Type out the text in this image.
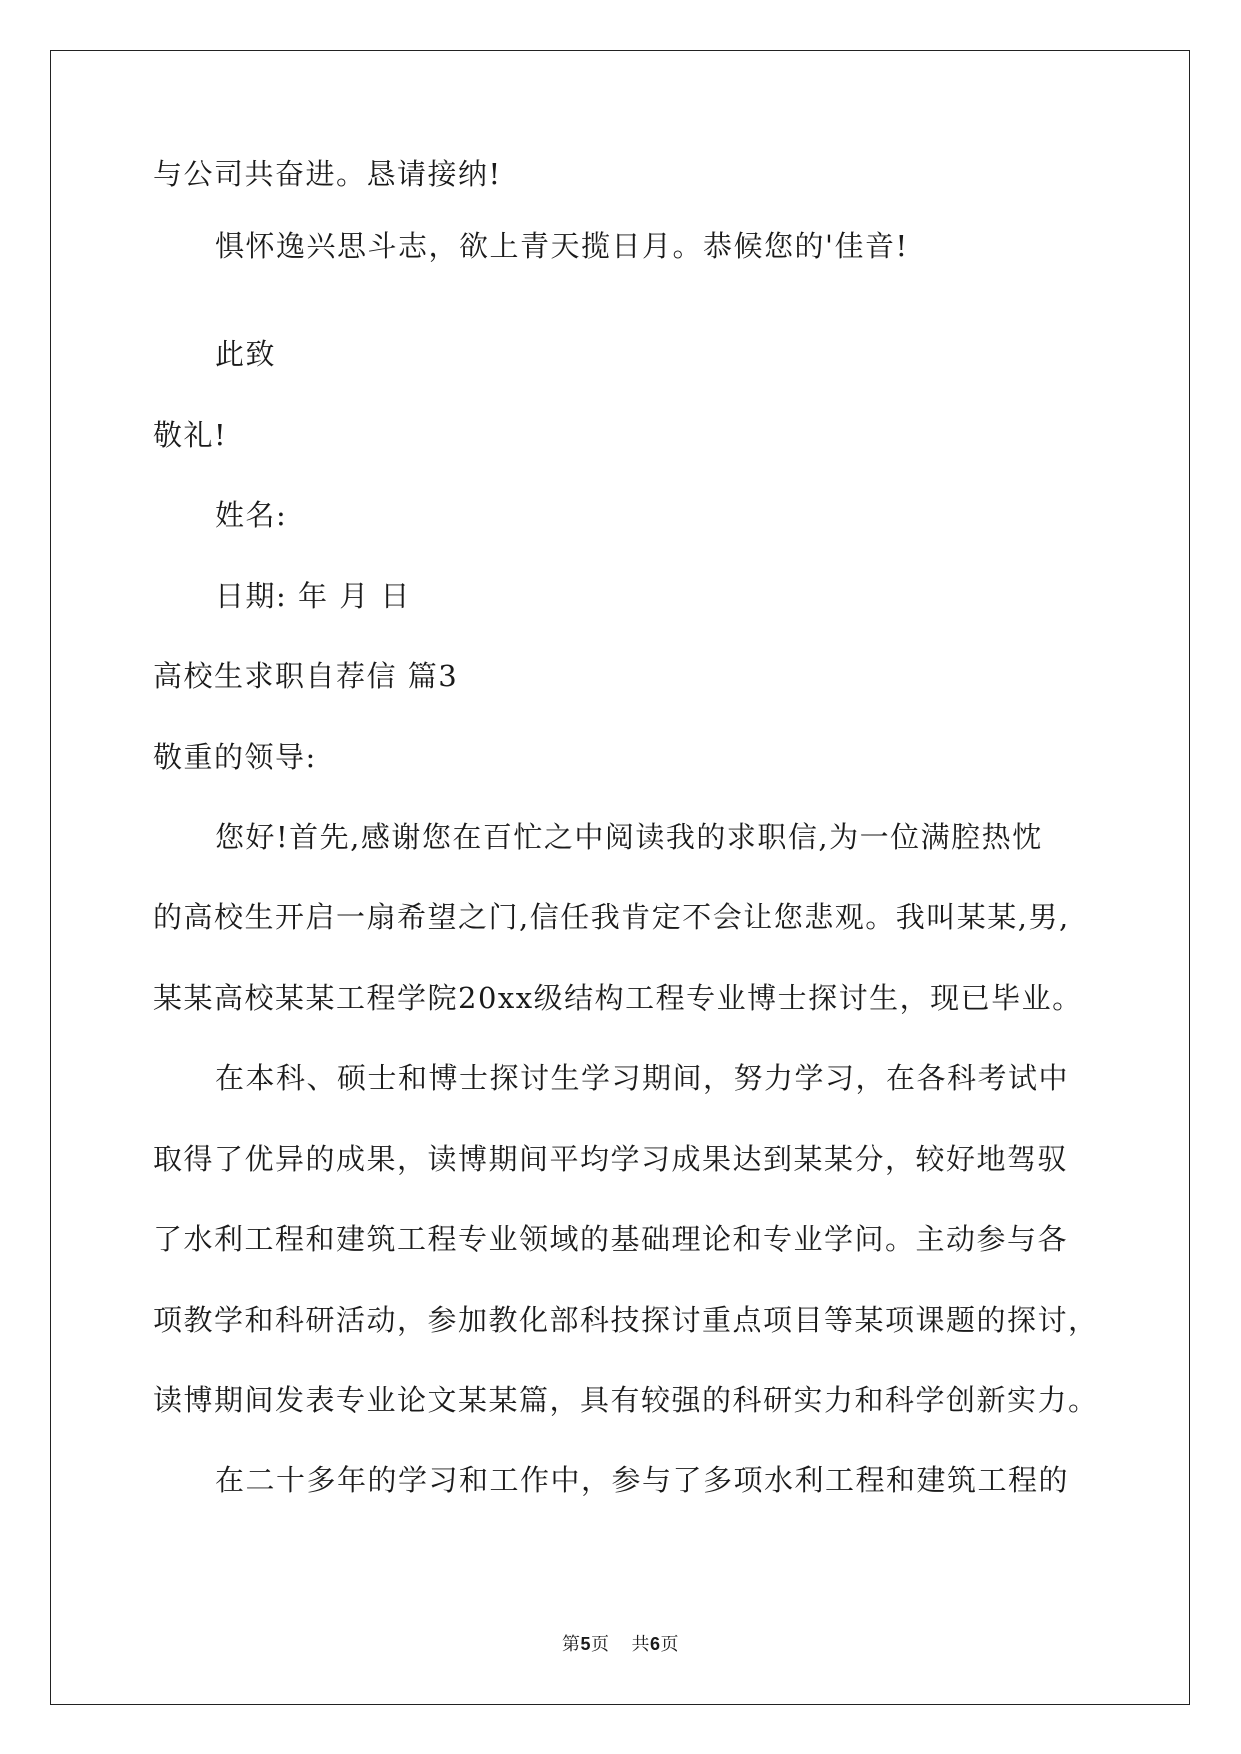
与公司共奋进。恳请接纳!
惧怀逸兴思斗志，欲上青天揽日月。恭候您的'佳音!
此致
敬礼!
姓名:
日期: 年 月 日
高校生求职自荐信 篇3
敬重的领导:
您好!首先,感谢您在百忙之中阅读我的求职信,为一位满腔热忱
的高校生开启一扇希望之门,信任我肯定不会让您悲观。我叫某某,男,
某某高校某某工程学院20xx级结构工程专业博士探讨生，现已毕业。
在本科、硕士和博士探讨生学习期间，努力学习，在各科考试中
取得了优异的成果，读博期间平均学习成果达到某某分，较好地驾驭
了水利工程和建筑工程专业领域的基础理论和专业学问。主动参与各
项教学和科研活动，参加教化部科技探讨重点项目等某项课题的探讨，
读博期间发表专业论文某某篇，具有较强的科研实力和科学创新实力。
在二十多年的学习和工作中，参与了多项水利工程和建筑工程的
第5页 共6页
